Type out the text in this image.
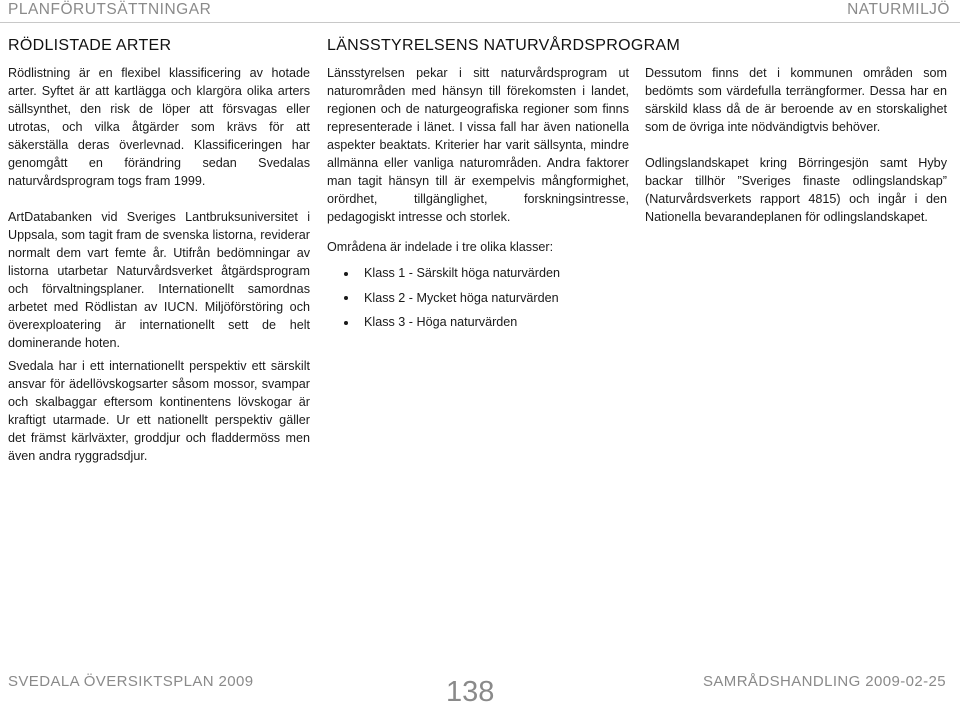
PLANFÖRUTSÄTTNINGAR	NATURMILJÖ
RÖDLISTADE ARTER

Rödlistning är en flexibel klassificering av hotade arter. Syftet är att kartlägga och klargöra olika arters sällsynthet, den risk de löper att försvagas eller utrotas, och vilka åtgärder som krävs för att säkerställa deras överlevnad. Klassificeringen har genomgått en förändring sedan Svedalas naturvårdsprogram togs fram 1999.

ArtDatabanken vid Sveriges Lantbruksuniversitet i Uppsala, som tagit fram de svenska listorna, reviderar normalt dem vart femte år. Utifrån bedömningar av listorna utarbetar Naturvårdsverket åtgärdsprogram och förvaltningsplaner. Internationellt samordnas arbetet med Rödlistan av IUCN. Miljöförstöring och överexploatering är internationellt sett de helt dominerande hoten.

Svedala har i ett internationellt perspektiv ett särskilt ansvar för ädellövskogsarter såsom mossor, svampar och skalbaggar eftersom kontinentens lövskogar är kraftigt utarmade. Ur ett nationellt perspektiv gäller det främst kärlväxter, groddjur och fladdermöss men även andra ryggradsdjur.

LÄNSSTYRELSENS NATURVÅRDSPROGRAM

Länsstyrelsen pekar i sitt naturvårdsprogram ut naturområden med hänsyn till förekomsten i landet, regionen och de naturgeografiska regioner som finns representerade i länet. I vissa fall har även nationella aspekter beaktats. Kriterier har varit sällsynta, mindre allmänna eller vanliga naturområden. Andra faktorer man tagit hänsyn till är exempelvis mångformighet, orördhet, tillgänglighet, forskningsintresse, pedagogiskt intresse och storlek.

Områdena är indelade i tre olika klasser:

Klass 1 - Särskilt höga naturvärden
Klass 2 - Mycket höga naturvärden
Klass 3 - Höga naturvärden

Dessutom finns det i kommunen områden som bedömts som värdefulla terrängformer. Dessa har en särskild klass då de är beroende av en storskalighet som de övriga inte nödvändigtvis behöver.

Odlingslandskapet kring Börringesjön samt Hyby backar tillhör ”Sveriges finaste odlingslandskap” (Naturvårdsverkets rapport 4815) och ingår i den Nationella bevarandeplanen för odlingslandskapet.

SVEDALA ÖVERSIKTSPLAN 2009	138	SAMRÅDSHANDLING 2009-02-25
